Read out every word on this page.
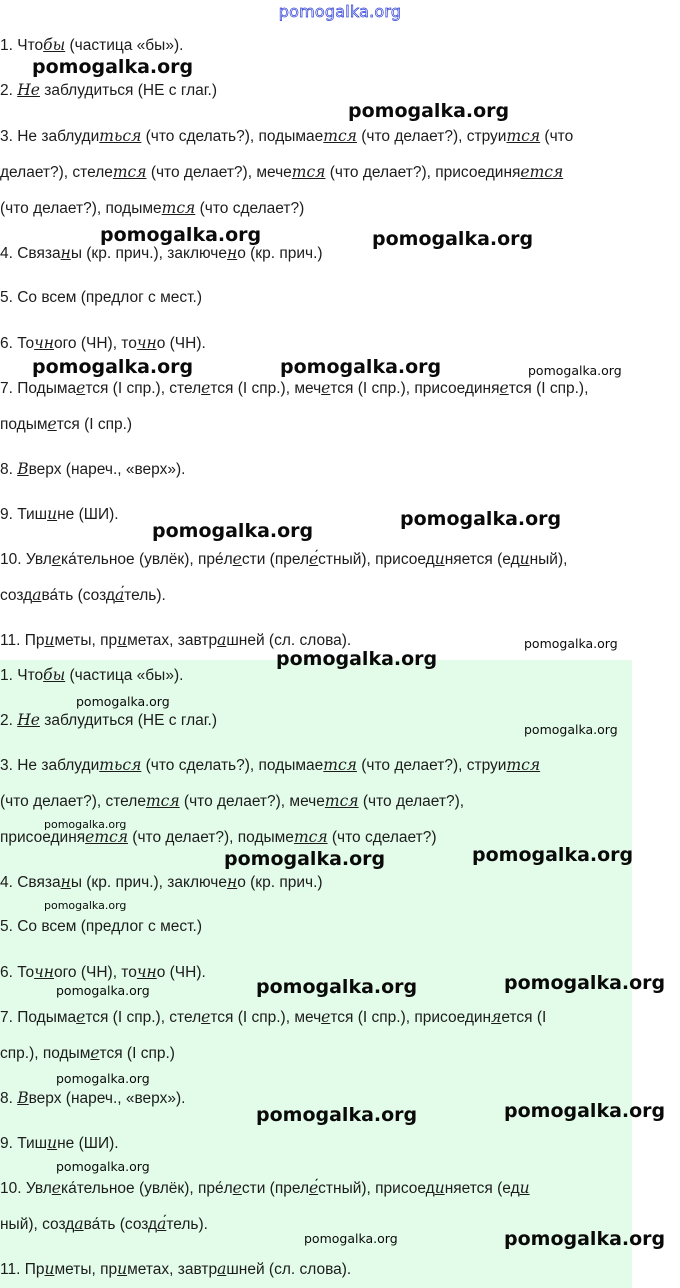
pomogalka.org
1. Чтобы (частица «бы»).
2. Не заблудиться (НЕ с глаг.)
3. Не заблудиться (что сделать?), подымается (что делает?), струится (что
делает?), стелется (что делает?), мечется (что делает?), присоединяется
(что делает?), подымется (что сделает?)
4. Связаны (кр. прич.), заключено (кр. прич.)
5. Со всем (предлог с мест.)
6. Точного (ЧН), точно (ЧН).
7. Подымается (I спр.), стелется (I спр.), мечется (I спр.), присоединяется (I спр.),
подымется (I спр.)
8. Вверх (нареч., «верх»).
9. Тишине (ШИ).
10. Увлека́тельное (увлёк), пре́лести (преле́стный), присоединяется (единый),
создава́ть (созда́тель).
11. Приметы, приметах, завтрашней (сл. слова).
1. Чтобы (частица «бы»).
2. Не заблудиться (НЕ с глаг.)
3. Не заблудиться (что сделать?), подымается (что делает?), струится
(что делает?), стелется (что делает?), мечется (что делает?),
присоединяется (что делает?), подымется (что сделает?)
4. Связаны (кр. прич.), заключено (кр. прич.)
5. Со всем (предлог с мест.)
6. Точного (ЧН), точно (ЧН).
7. Подымается (I спр.), стелется (I спр.), мечется (I спр.), присоединяется (I
спр.), подымется (I спр.)
8. Вверх (нареч., «верх»).
9. Тишине (ШИ).
10. Увлека́тельное (увлёк), пре́лести (преле́стный), присоединяется (еди
ный), создава́ть (созда́тель).
11. Приметы, приметах, завтрашней (сл. слова).
pomogalka.org
pomogalka.org
pomogalka.org	pomogalka.org
pomogalka.org	pomogalka.org	pomogalka.org
pomogalka.org
pomogalka.org
pomogalka.org
pomogalka.org
pomogalka.org
pomogalka.org
pomogalka.org
pomogalka.org	pomogalka.org
pomogalka.org
pomogalka.org	pomogalka.org
pomogalka.org
pomogalka.org
pomogalka.org	pomogalka.org
pomogalka.org
pomogalka.org	pomogalka.org
